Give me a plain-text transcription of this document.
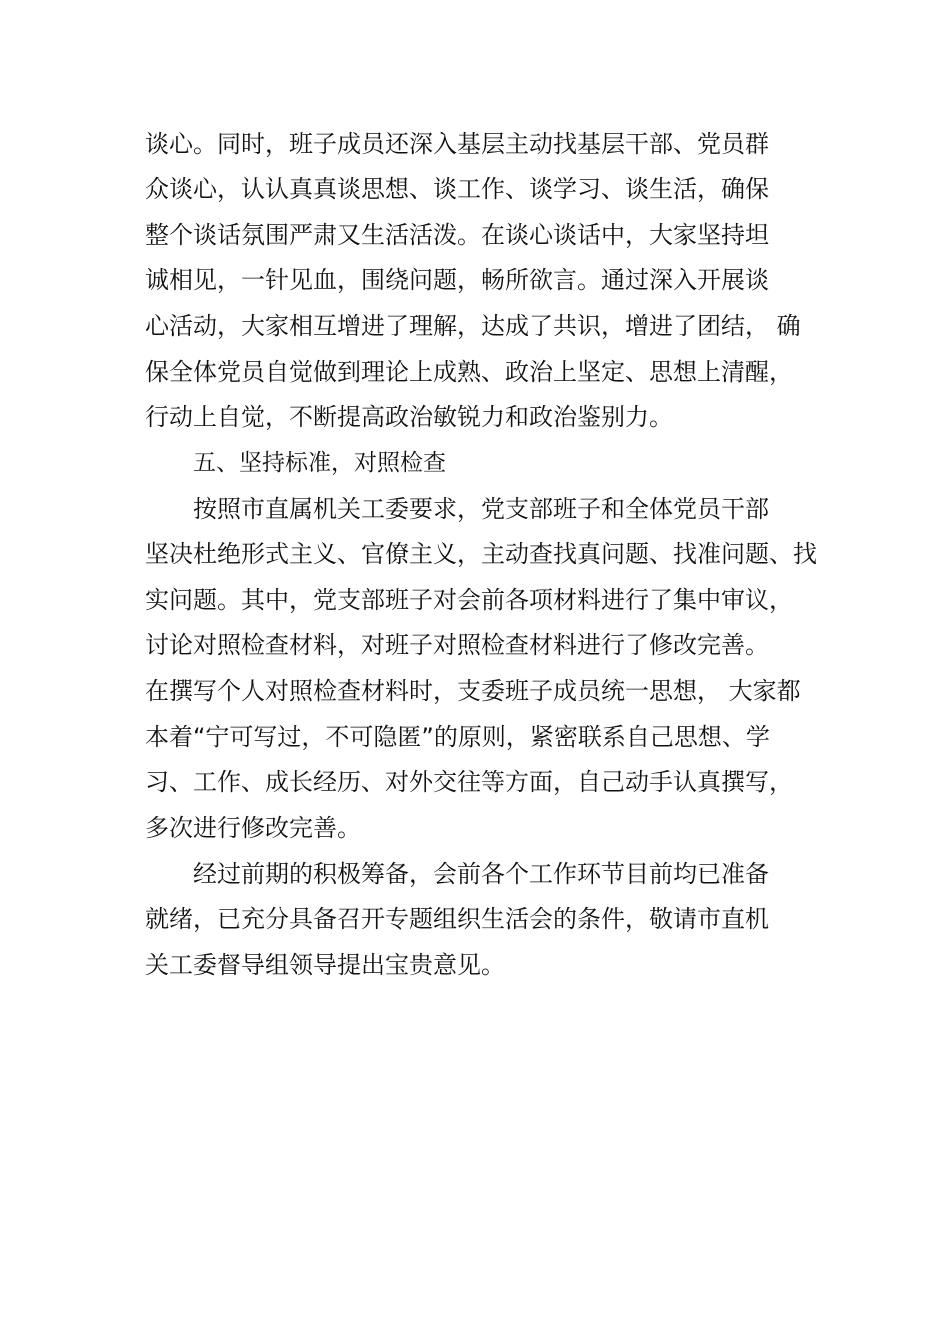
谈心。同时，班子成员还深入基层主动找基层干部、党员群
众谈心，认认真真谈思想、谈工作、谈学习、谈生活，确保
整个谈话氛围严肃又生活活泼。在谈心谈话中，大家坚持坦
诚相见，一针见血，围绕问题，畅所欲言。通过深入开展谈
心活动，大家相互增进了理解，达成了共识，增进了团结， 确
保全体党员自觉做到理论上成熟、政治上坚定、思想上清醒，
行动上自觉，不断提高政治敏锐力和政治鉴别力。
五、坚持标准，对照检查
按照市直属机关工委要求，党支部班子和全体党员干部
坚决杜绝形式主义、官僚主义，主动查找真问题、找准问题、找
实问题。其中，党支部班子对会前各项材料进行了集中审议，
讨论对照检查材料，对班子对照检查材料进行了修改完善。
在撰写个人对照检查材料时，支委班子成员统一思想， 大家都
本着“宁可写过，不可隐匿”的原则，紧密联系自己思想、学
习、工作、成长经历、对外交往等方面，自己动手认真撰写，
多次进行修改完善。
经过前期的积极筹备，会前各个工作环节目前均已准备
就绪，已充分具备召开专题组织生活会的条件，敬请市直机
关工委督导组领导提出宝贵意见。
